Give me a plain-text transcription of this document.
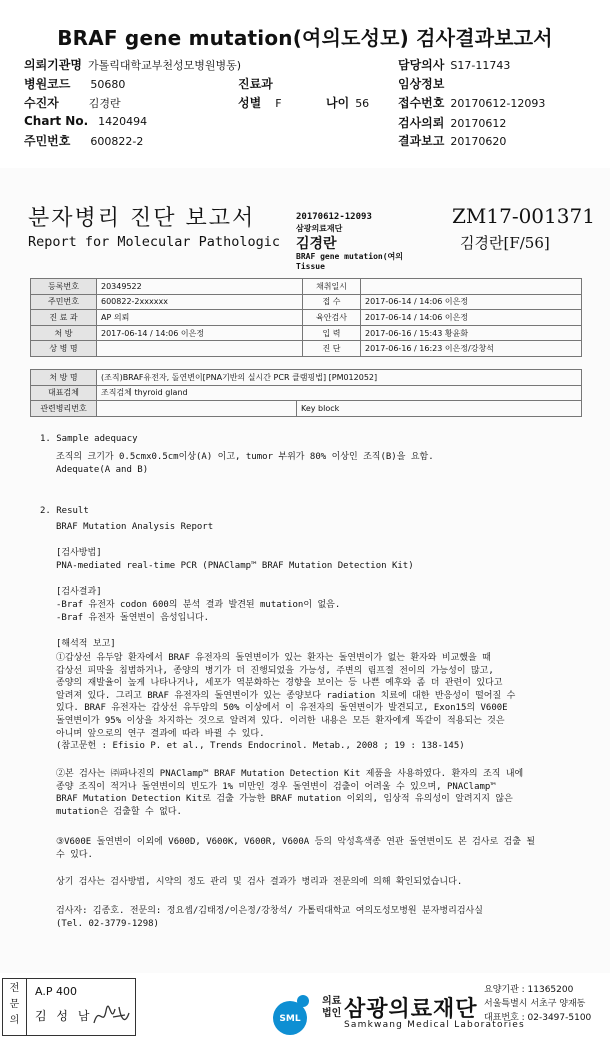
BRAF gene mutation(여의도성모) 검사결과보고서
의뢰기관명 가톨릭대학교부천성모병원병동)	담당의사 S17-11743
병원코드 50680	진료과	임상정보
수진자	김경란	성별 F	나이 56 접수번호 20170612-12093
Chart No. 1420494	검사의뢰 20170612
주민번호 600822-2	결과보고 20170620
분자병리 진단 보고서
Report for Molecular Pathologic
20170612-12093
삼광의료재단
김경란
BRAF gene mutation(여의
Tissue
ZM17-001371
김경란[F/56]
등록번호	20349522	채취일시	
주민번호	600822-2xxxxxx	접 수	2017-06-14 / 14:06 이은정
진 료 과	AP 의뢰	육안검사	2017-06-14 / 14:06 이은정
처 방	2017-06-14 / 14:06 이은정	입 력	2017-06-16 / 15:43 황윤화
상 병 명		진 단	2017-06-16 / 16:23 이은정/강창석
처 방 명	(조직)BRAF유전자, 돌연변이[PNA기반의 실시간 PCR 클램핑법] [PM012052]	
대표검체	조직검체 thyroid gland	
관련병리번호		Key block
1. Sample adequacy
조직의 크기가 0.5cmx0.5cm이상(A) 이고, tumor 부위가 80% 이상인 조직(B)을 요함.
Adequate(A and B)
2. Result
BRAF Mutation Analysis Report
[검사방법]
PNA-mediated real-time PCR (PNAClamp™ BRAF Mutation Detection Kit)
[검사결과]
-Braf 유전자 codon 600의 분석 결과 발견된 mutation이 없음.
-Braf 유전자 돌연변이 음성입니다.
[해석적 보고]
①갑상선 유두암 환자에서 BRAF 유전자의 돌연변이가 있는 환자는 돌연변이가 없는 환자와 비교했을 때
갑상선 피막을 침범하거나, 종양의 병기가 더 진행되었을 가능성, 주변의 림프절 전이의 가능성이 많고,
종양의 재발율이 높게 나타나거나, 세포가 역분화하는 경향을 보이는 등 나쁜 예후와 좀 더 관련이 있다고
알려져 있다. 그리고 BRAF 유전자의 돌연변이가 있는 종양보다 radiation 치료에 대한 반응성이 떨어질 수
있다. BRAF 유전자는 갑상선 유두암의 50% 이상에서 이 유전자의 돌연변이가 발견되고, Exon15의 V600E
돌연변이가 95% 이상을 차지하는 것으로 알려져 있다. 이러한 내용은 모든 환자에게 똑같이 적용되는 것은
아니며 앞으로의 연구 결과에 따라 바뀔 수 있다.
(참고문헌 : Efisio P. et al., Trends Endocrinol. Metab., 2008 ; 19 : 138-145)
②본 검사는 ㈜파나진의 PNAClamp™ BRAF Mutation Detection Kit 제품을 사용하였다. 환자의 조직 내에
종양 조직이 적거나 돌연변이의 빈도가 1% 미만인 경우 돌연변이 검출이 어려울 수 있으며, PNAClamp™
BRAF Mutation Detection Kit로 검출 가능한 BRAF mutation 이외의, 임상적 유의성이 알려지지 않은
mutation은 검출할 수 없다.
③V600E 돌연변이 이외에 V600D, V600K, V600R, V600A 등의 악성흑색종 연관 돌연변이도 본 검사로 검출 될
수 있다.
상기 검사는 검사방법, 시약의 정도 관리 및 검사 결과가 병리과 전문의에 의해 확인되었습니다.
검사자: 김종호. 전문의: 정요셉/김태정/이은정/강창석/ 가톨릭대학교 여의도성모병원 분자병리검사실
(Tel. 02-3779-1298)
전문의
A.P 400
김 성 남	SML
의료
법인 삼광의료재단
Samkwang Medical Laboratories
요양기관 : 11365200
서울특별시 서초구 양재동
대표번호 : 02-3497-5100
